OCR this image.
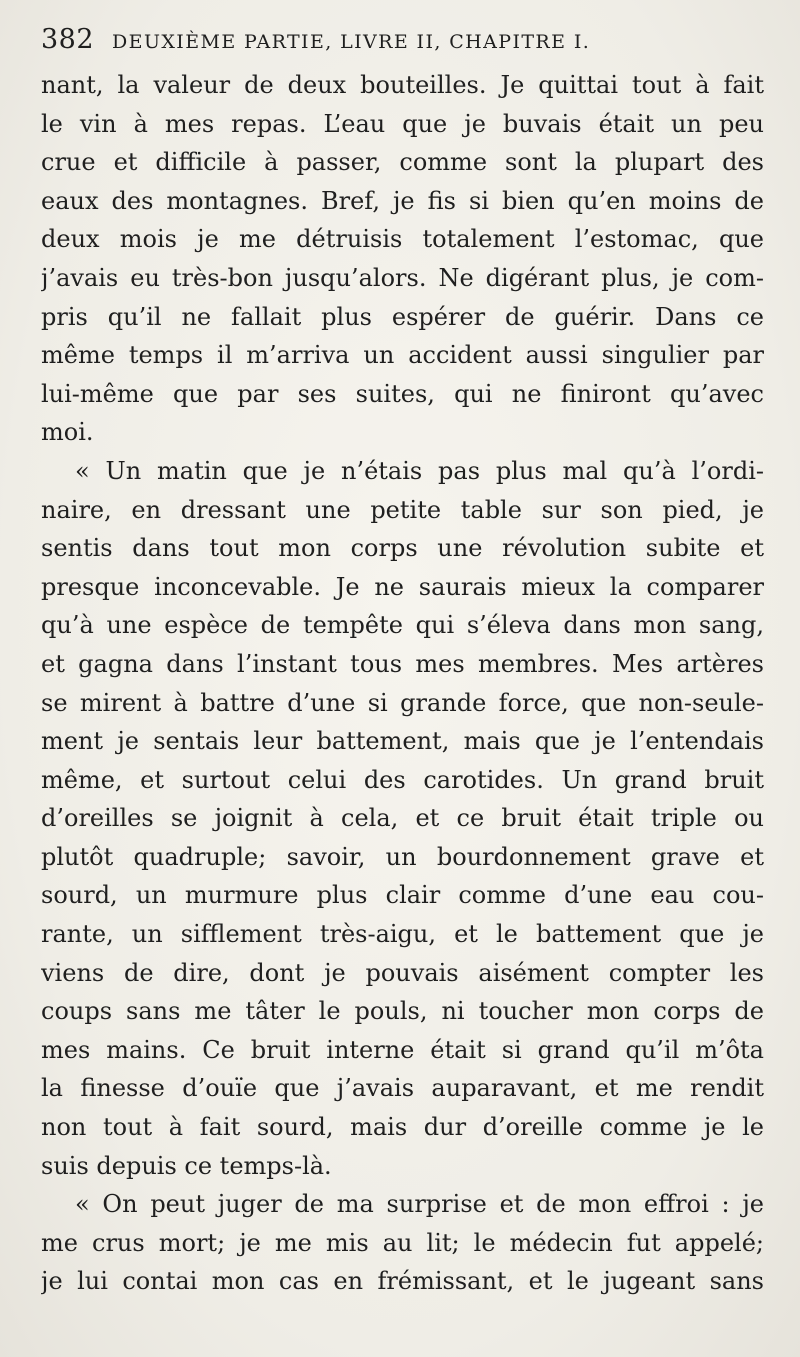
382 DEUXIÈME PARTIE, LIVRE II, CHAPITRE I.
nant, la valeur de deux bouteilles. Je quittai tout à fait
le vin à mes repas. L’eau que je buvais était un peu
crue et difficile à passer, comme sont la plupart des
eaux des montagnes. Bref, je fis si bien qu’en moins de
deux mois je me détruisis totalement l’estomac, que
j’avais eu très-bon jusqu’alors. Ne digérant plus, je com-
pris qu’il ne fallait plus espérer de guérir. Dans ce
même temps il m’arriva un accident aussi singulier par
lui-même que par ses suites, qui ne finiront qu’avec
moi.
« Un matin que je n’étais pas plus mal qu’à l’ordi-
naire, en dressant une petite table sur son pied, je
sentis dans tout mon corps une révolution subite et
presque inconcevable. Je ne saurais mieux la comparer
qu’à une espèce de tempête qui s’éleva dans mon sang,
et gagna dans l’instant tous mes membres. Mes artères
se mirent à battre d’une si grande force, que non-seule-
ment je sentais leur battement, mais que je l’entendais
même, et surtout celui des carotides. Un grand bruit
d’oreilles se joignit à cela, et ce bruit était triple ou
plutôt quadruple; savoir, un bourdonnement grave et
sourd, un murmure plus clair comme d’une eau cou-
rante, un sifflement très-aigu, et le battement que je
viens de dire, dont je pouvais aisément compter les
coups sans me tâter le pouls, ni toucher mon corps de
mes mains. Ce bruit interne était si grand qu’il m’ôta
la finesse d’ouïe que j’avais auparavant, et me rendit
non tout à fait sourd, mais dur d’oreille comme je le
suis depuis ce temps-là.
« On peut juger de ma surprise et de mon effroi : je
me crus mort; je me mis au lit; le médecin fut appelé;
je lui contai mon cas en frémissant, et le jugeant sans
